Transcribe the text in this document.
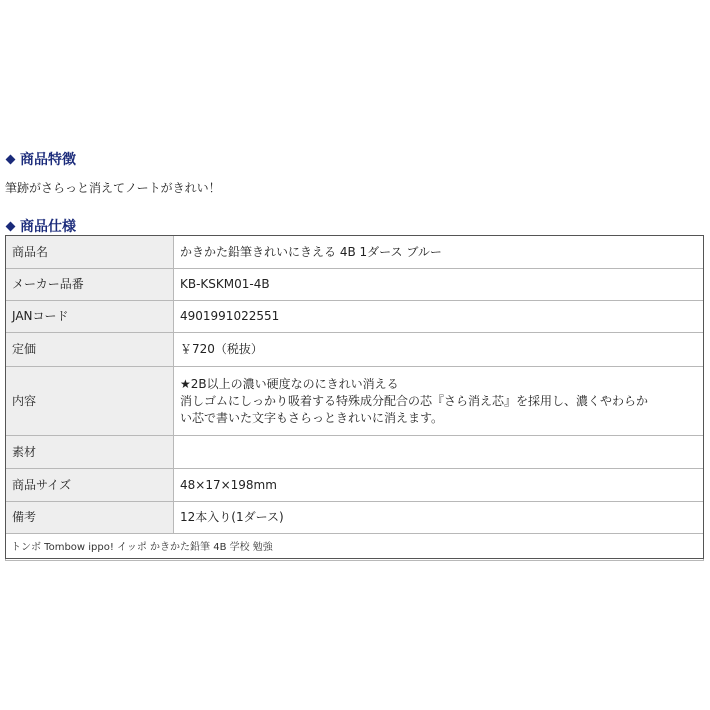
商品特徴
筆跡がさらっと消えてノートがきれい！
商品仕様
商品名	かきかた鉛筆きれいにきえる 4B 1ダース ブルー
メーカー品番	KB-KSKM01-4B
JANコード	4901991022551
定価	￥720（税抜）
内容	★2B以上の濃い硬度なのにきれい消える
消しゴムにしっかり吸着する特殊成分配合の芯『さら消え芯』を採用し、濃くやわらか
い芯で書いた文字もさらっときれいに消えます。

素材	
商品サイズ	48×17×198mm
備考	12本入り(1ダース)
トンボ Tombow ippo! イッポ かきかた鉛筆 4B 学校 勉強	
